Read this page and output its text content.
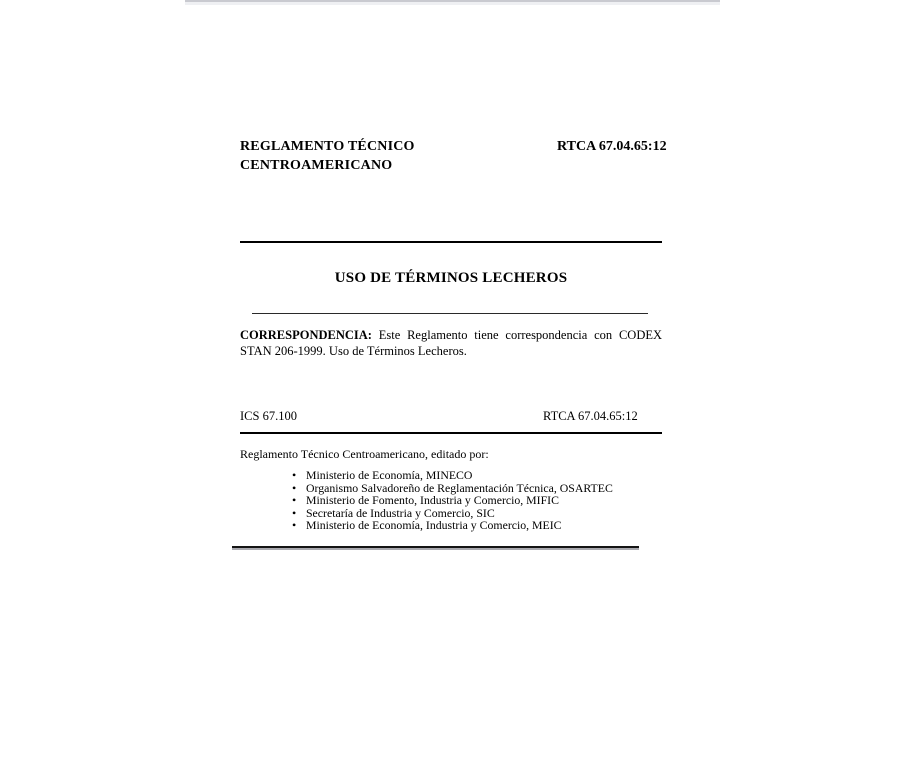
REGLAMENTO TÉCNICO
CENTROAMERICANO
RTCA 67.04.65:12
USO DE TÉRMINOS LECHEROS

CORRESPONDENCIA: Este Reglamento tiene correspondencia con CODEX STAN 206-1999. Uso de Términos Lecheros.

ICS 67.100	RTCA 67.04.65:12
Reglamento Técnico Centroamericano, editado por:
• Ministerio de Economía, MINECO
• Organismo Salvadoreño de Reglamentación Técnica, OSARTEC
• Ministerio de Fomento, Industria y Comercio, MIFIC
• Secretaría de Industria y Comercio, SIC
• Ministerio de Economía, Industria y Comercio, MEIC
